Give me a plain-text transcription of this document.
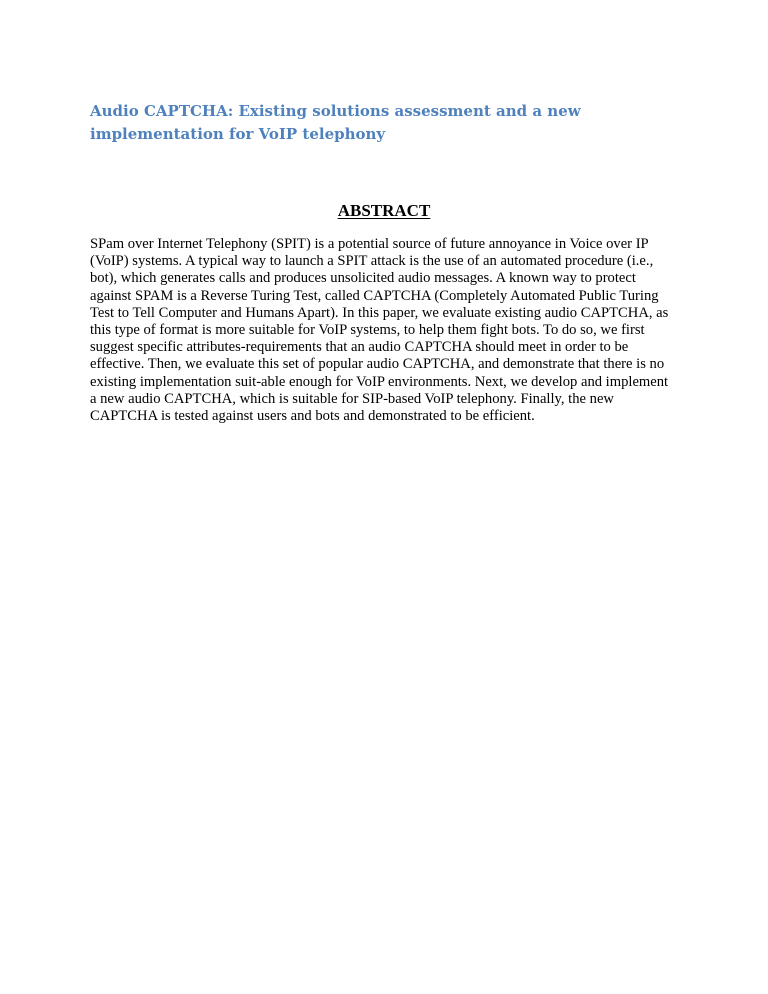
Audio CAPTCHA: Existing solutions assessment and a new implementation for VoIP telephony
ABSTRACT

SPam over Internet Telephony (SPIT) is a potential source of future annoyance in Voice over IP (VoIP) systems. A typical way to launch a SPIT attack is the use of an automated procedure (i.e., bot), which generates calls and produces unsolicited audio messages. A known way to protect against SPAM is a Reverse Turing Test, called CAPTCHA (Completely Automated Public Turing Test to Tell Computer and Humans Apart). In this paper, we evaluate existing audio CAPTCHA, as this type of format is more suitable for VoIP systems, to help them fight bots. To do so, we first suggest specific attributes-requirements that an audio CAPTCHA should meet in order to be effective. Then, we evaluate this set of popular audio CAPTCHA, and demonstrate that there is no existing implementation suit-able enough for VoIP environments. Next, we develop and implement a new audio CAPTCHA, which is suitable for SIP-based VoIP telephony. Finally, the new CAPTCHA is tested against users and bots and demonstrated to be efficient.
